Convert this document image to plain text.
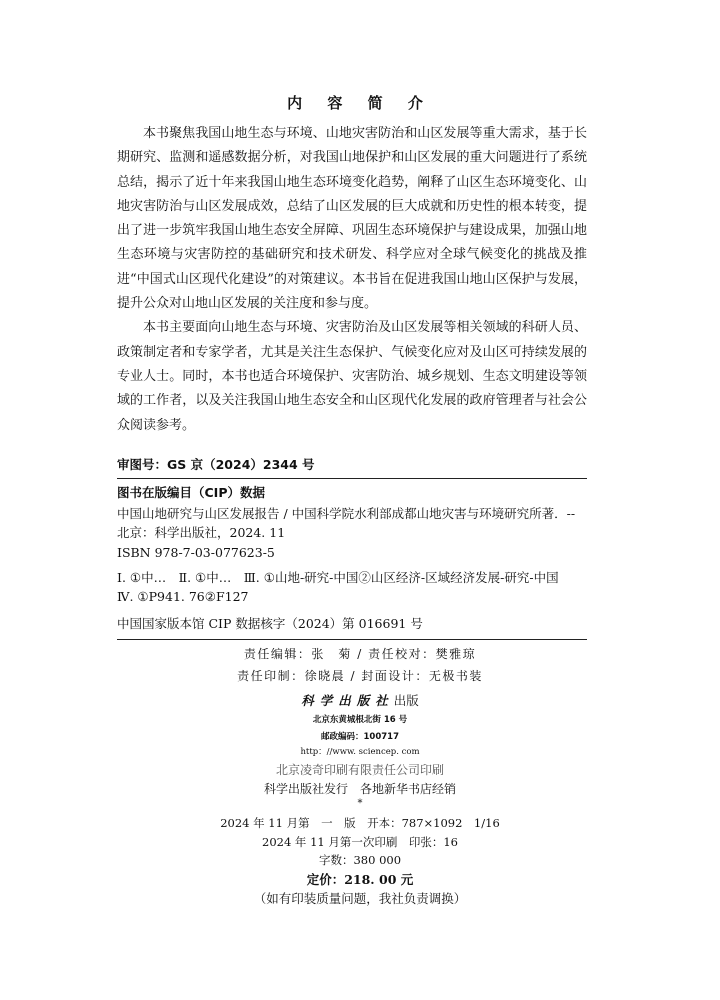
内 容 简 介

本书聚焦我国山地生态与环境、山地灾害防治和山区发展等重大需求，基于长期研究、监测和遥感数据分析，对我国山地保护和山区发展的重大问题进行了系统总结，揭示了近十年来我国山地生态环境变化趋势，阐释了山区生态环境变化、山地灾害防治与山区发展成效，总结了山区发展的巨大成就和历史性的根本转变，提出了进一步筑牢我国山地生态安全屏障、巩固生态环境保护与建设成果，加强山地生态环境与灾害防控的基础研究和技术研发、科学应对全球气候变化的挑战及推进“中国式山区现代化建设”的对策建议。本书旨在促进我国山地山区保护与发展，提升公众对山地山区发展的关注度和参与度。

本书主要面向山地生态与环境、灾害防治及山区发展等相关领域的科研人员、政策制定者和专家学者，尤其是关注生态保护、气候变化应对及山区可持续发展的专业人士。同时，本书也适合环境保护、灾害防治、城乡规划、生态文明建设等领域的工作者，以及关注我国山地生态安全和山区现代化发展的政府管理者与社会公众阅读参考。

审图号：GS 京（2024）2344 号
图书在版编目（CIP）数据
中国山地研究与山区发展报告 / 中国科学院水利部成都山地灾害与环境研究所著．--北京：科学出版社，2024. 11
ISBN 978-7-03-077623-5
Ⅰ. ①中…　Ⅱ. ①中…　Ⅲ. ①山地-研究-中国②山区经济-区域经济发展-研究-中国　Ⅳ. ①P941. 76②F127
中国国家版本馆 CIP 数据核字（2024）第 016691 号
责任编辑：张　菊 / 责任校对：樊雅琼
责任印制：徐晓晨 / 封面设计：无极书装
科学出版社出版
北京东黄城根北街 16 号
邮政编码：100717
http：//www. sciencep. com
北京凌奇印刷有限责任公司印刷
科学出版社发行　各地新华书店经销
*
2024 年 11 月第　一　版　开本：787×1092　1/16
2024 年 11 月第一次印刷　印张：16
字数：380 000
定价：218. 00 元
（如有印装质量问题，我社负责调换）
